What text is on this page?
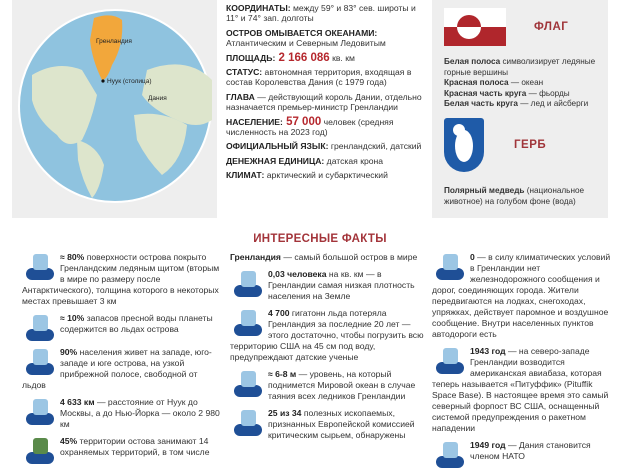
Гренландия
Нуук (столица)
Дания

КООРДИНАТЫ: между 59° и 83° сев. широты и 11° и 74° зап. долготы

ОСТРОВ ОМЫВАЕТСЯ ОКЕАНАМИ:
Атлантическим и Северным Ледовитым

ПЛОЩАДЬ: 2 166 086 кв. км

СТАТУС: автономная территория, входящая в состав Королевства Дания (с 1979 года)

ГЛАВА — действующий король Дании, отдельно назначается премьер-министр Гренландии

НАСЕЛЕНИЕ: 57 000 человек (средняя численность на 2023 год)

ОФИЦИАЛЬНЫЙ ЯЗЫК: гренландский, датский

ДЕНЕЖНАЯ ЕДИНИЦА: датская крона

КЛИМАТ: арктический и субарктический

ФЛАГ
Белая полоса символизирует ледяные горные вершины
Красная полоса — океан
Красная часть круга — фьорды
Белая часть круга — лед и айсберги
ГЕРБ
Полярный медведь (национальное животное) на голубом фоне (вода)
ИНТЕРЕСНЫЕ ФАКТЫ
≈ 80% поверхности острова покрыто Гренландским ледяным щитом (вторым в мире по размеру после Антарктического), толщина которого в некоторых местах превышает 3 км
≈ 10% запасов пресной воды планеты содержится во льдах острова
90% населения живет на западе, юго-западе и юге острова, на узкой прибрежной полосе, свободной от льдов
4 633 км — расстояние от Нуук до Москвы, а до Нью-Йорка — около 2 980 км
45% территории остова занимают 14 охраняемых территорий, в том числе
Гренландия — самый большой остров в мире
0,03 человека на кв. км — в Гренландии самая низкая плотность населения на Земле
4 700 гигатонн льда потеряла Гренландия за последние 20 лет — этого достаточно, чтобы погрузить всю территорию США на 45 см под воду, предупреждают датские ученые
≈ 6-8 м — уровень, на который поднимется Мировой океан в случае таяния всех ледников Гренландии
25 из 34 полезных ископаемых, признанных Европейской комиссией критическим сырьем, обнаружены
0 — в силу климатических условий в Гренландии нет железнодорожного сообщения и дорог, соединяющих города. Жители передвигаются на лодках, снегоходах, упряжках, действует паромное и воздушное сообщение. Внутри населенных пунктов автодороги есть
1943 год — на северо-западе Гренландии возводится американская авиабаза, которая теперь называется «Питуффик» (Pituffik Space Base). В настоящее время это самый северный форпост ВС США, оснащенный системой предупреждения о ракетном нападении
1949 год — Дания становится членом НАТО
